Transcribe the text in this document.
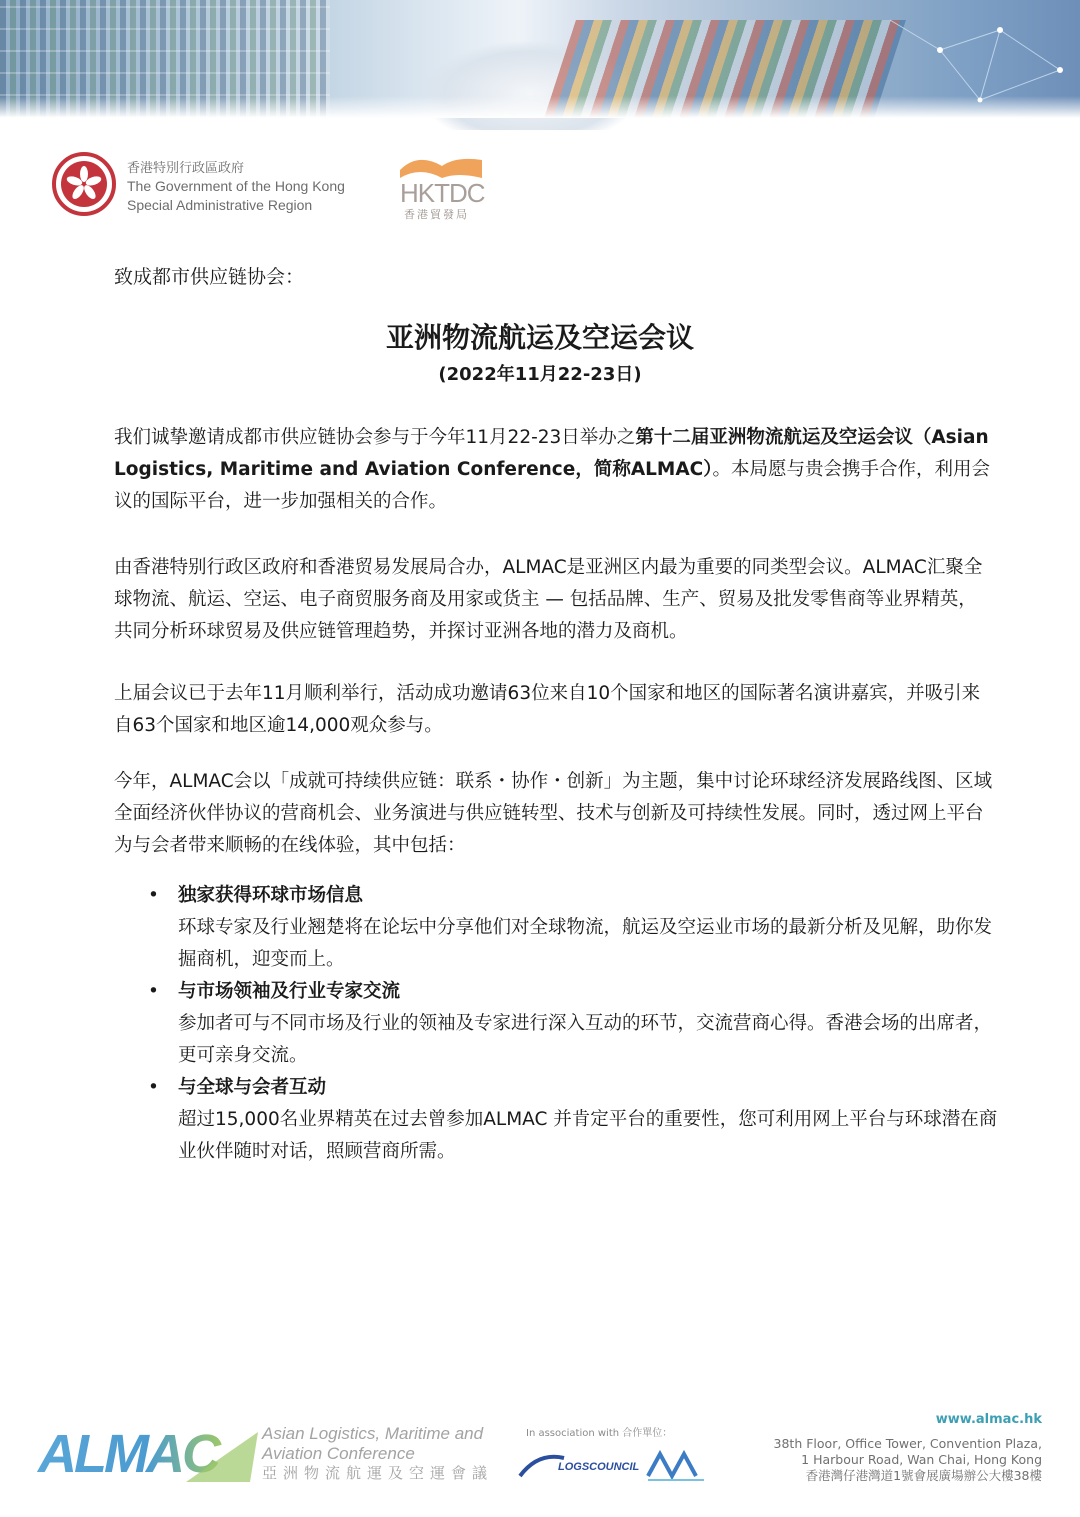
香港特別行政區政府
The Government of the Hong Kong
Special Administrative Region	HKTDC
香港貿發局
致成都市供应链协会：
亚洲物流航运及空运会议
(2022年11月22-23日)
我们诚挚邀请成都市供应链协会参与于今年11月22-23日举办之第十二届亚洲物流航运及空运会议（Asian Logistics, Maritime and Aviation Conference，简称ALMAC）。本局愿与贵会携手合作，利用会议的国际平台，进一步加强相关的合作。
由香港特别行政区政府和香港贸易发展局合办，ALMAC是亚洲区内最为重要的同类型会议。ALMAC汇聚全球物流、航运、空运、电子商贸服务商及用家或货主 — 包括品牌、生产、贸易及批发零售商等业界精英，共同分析环球贸易及供应链管理趋势，并探讨亚洲各地的潜力及商机。
上届会议已于去年11月顺利举行，活动成功邀请63位来自10个国家和地区的国际著名演讲嘉宾，并吸引来自63个国家和地区逾14,000观众参与。
今年，ALMAC会以「成就可持续供应链：联系・协作・创新」为主题，集中讨论环球经济发展路线图、区域全面经济伙伴协议的营商机会、业务演进与供应链转型、技术与创新及可持续性发展。同时，透过网上平台为与会者带来顺畅的在线体验，其中包括：
• 独家获得环球市场信息
环球专家及行业翘楚将在论坛中分享他们对全球物流，航运及空运业市场的最新分析及见解，助你发掘商机，迎变而上。
• 与市场领袖及行业专家交流
参加者可与不同市场及行业的领袖及专家进行深入互动的环节，交流营商心得。香港会场的出席者，更可亲身交流。
• 与全球与会者互动
超过15,000名业界精英在过去曾参加ALMAC 并肯定平台的重要性，您可利用网上平台与环球潜在商业伙伴随时对话，照顾营商所需。
ALMAC	Asian Logistics, Maritime and
Aviation Conference
亞洲物流航運及空運會議
In association with 合作單位：
LOGSCOUNCIL
www.almac.hk
38th Floor, Office Tower, Convention Plaza,
1 Harbour Road, Wan Chai, Hong Kong
香港灣仔港灣道1號會展廣場辦公大樓38樓
